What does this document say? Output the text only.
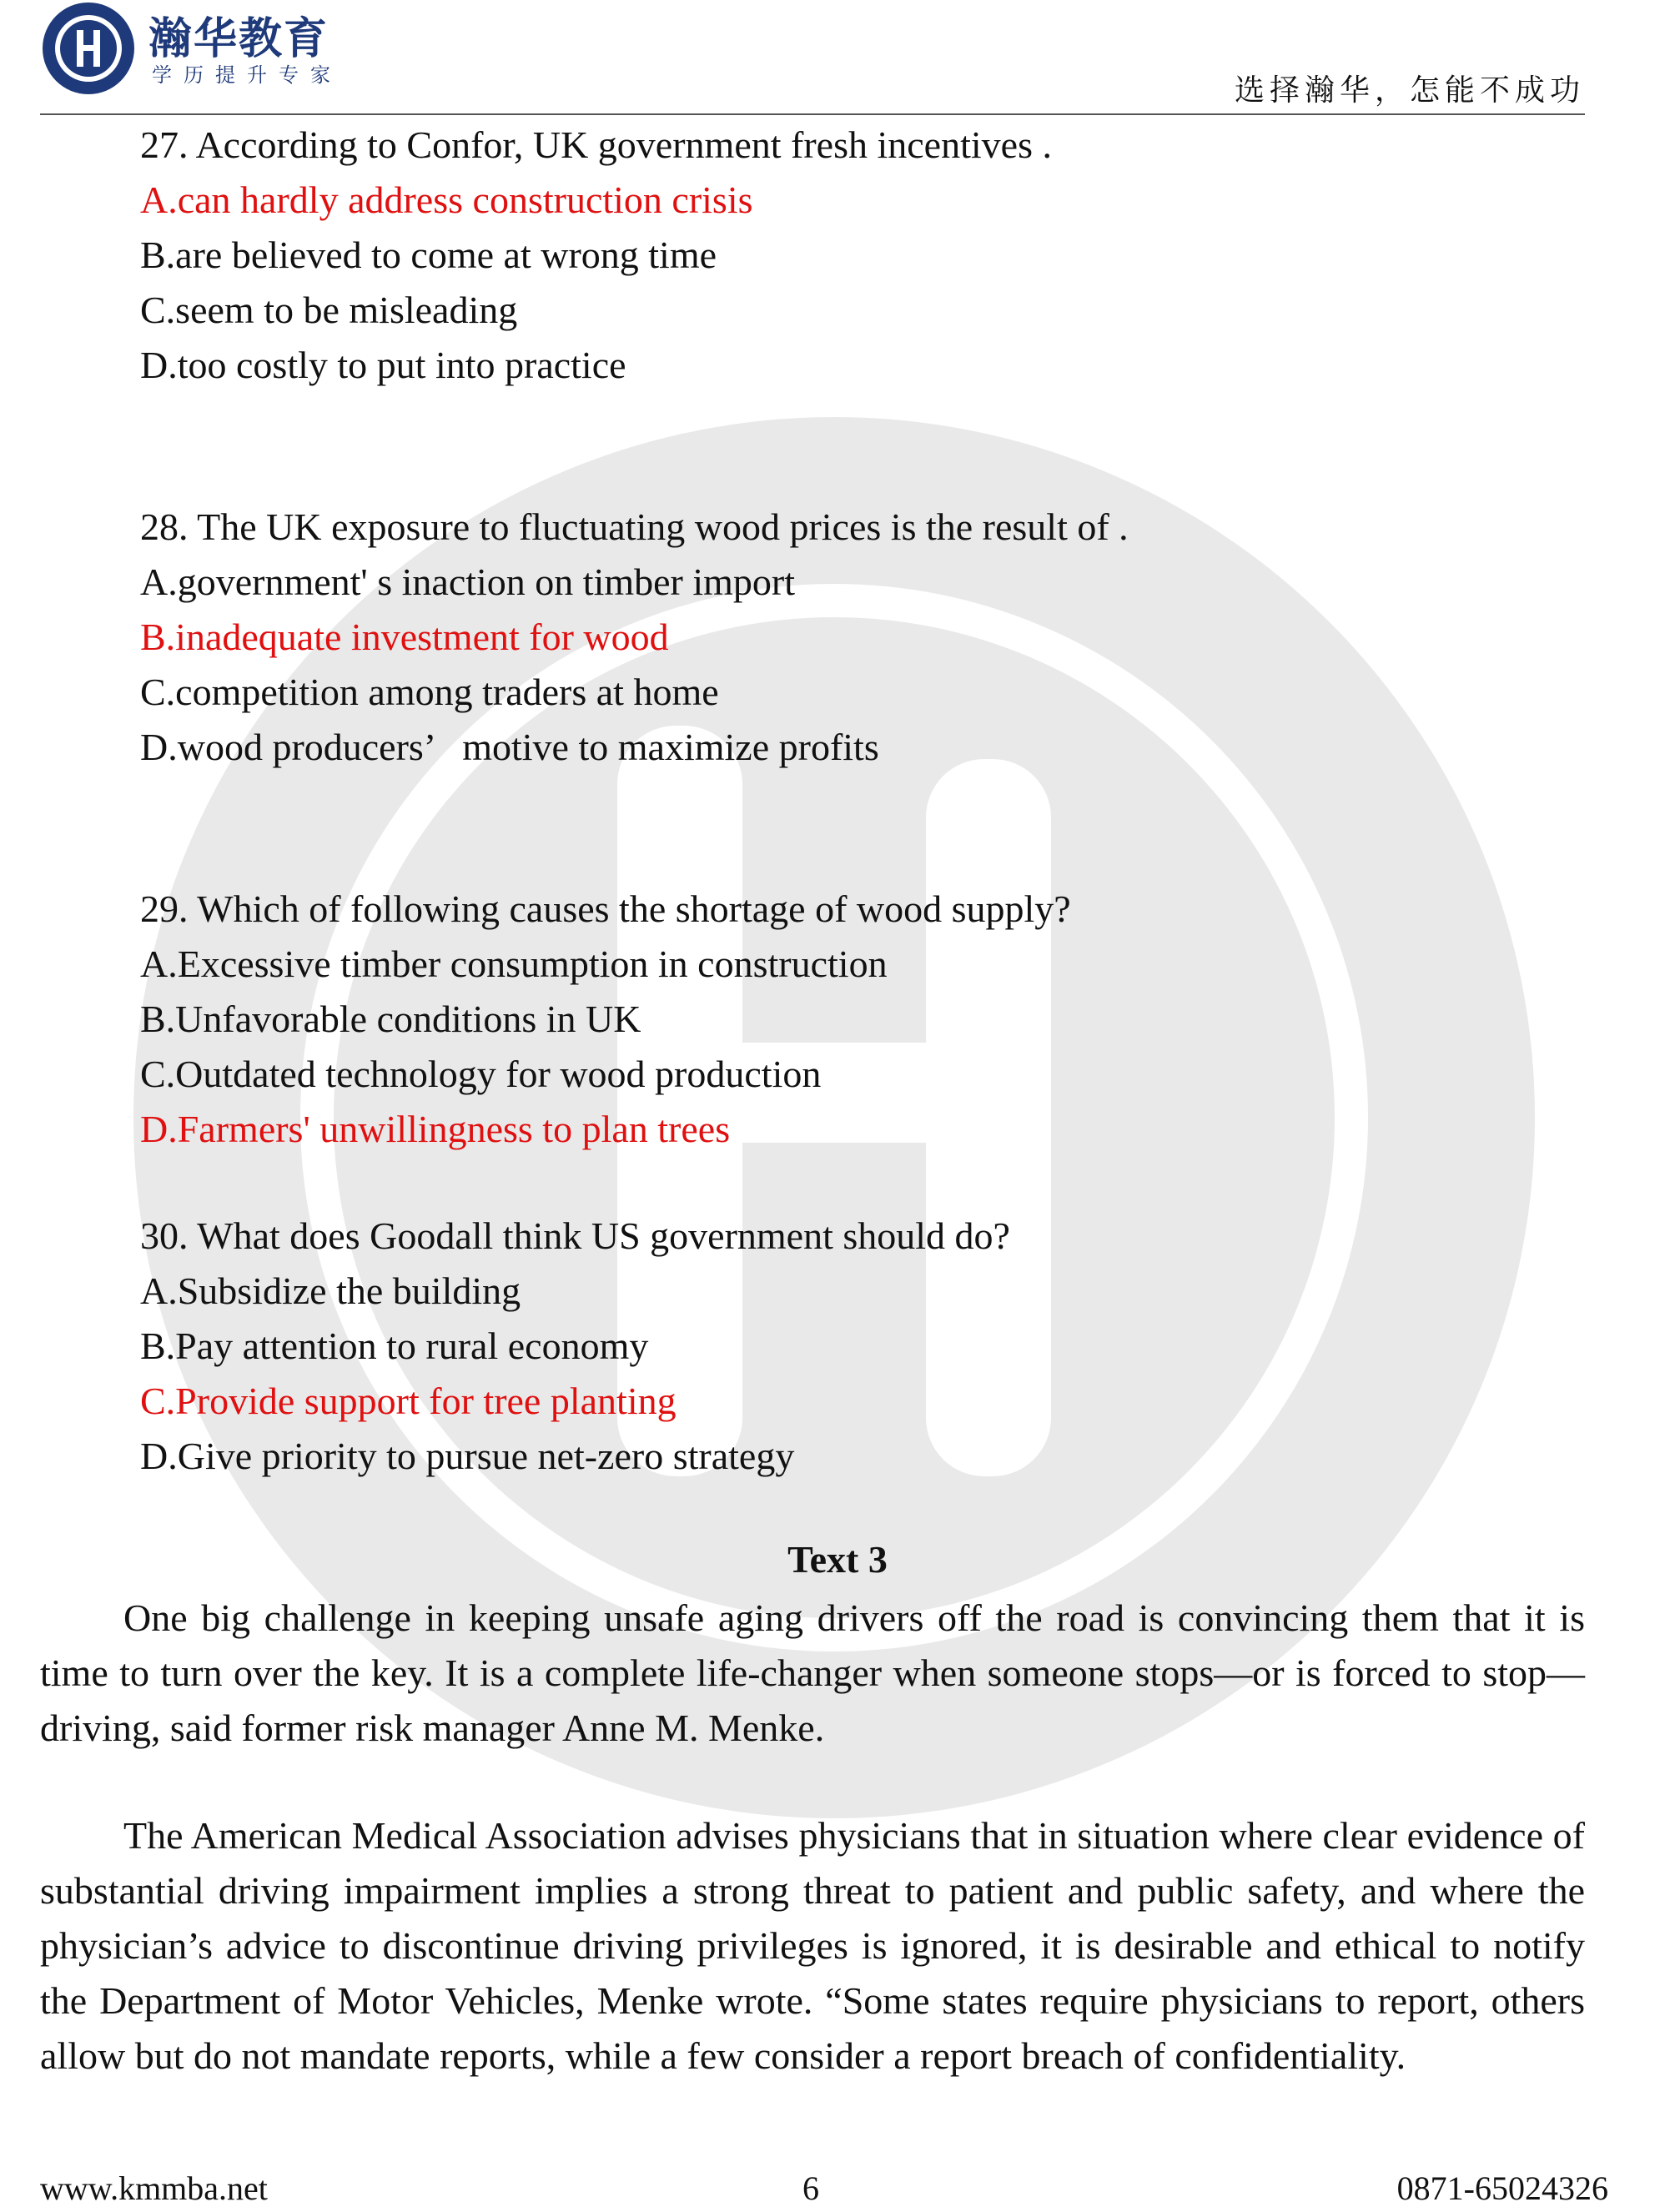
瀚华教育
学历提升专家	选择瀚华，怎能不成功
27. According to Confor, UK government fresh incentives .
A.can hardly address construction crisis
B.are believed to come at wrong time
C.seem to be misleading
D.too costly to put into practice
28. The UK exposure to fluctuating wood prices is the result of .
A.government' s inaction on timber import
B.inadequate investment for wood
C.competition among traders at home
D.wood producers’   motive to maximize profits
29. Which of following causes the shortage of wood supply?
A.Excessive timber consumption in construction
B.Unfavorable conditions in UK
C.Outdated technology for wood production
D.Farmers' unwillingness to plan trees
30. What does Goodall think US government should do?
A.Subsidize the building
B.Pay attention to rural economy
C.Provide support for tree planting
D.Give priority to pursue net-zero strategy
Text 3
One big challenge in keeping unsafe aging drivers off the road is convincing them that it is time to turn over the key. It is a complete life-changer when someone stops—or is forced to stop—driving, said former risk manager Anne M. Menke.
The American Medical Association advises physicians that in situation where clear evidence of substantial driving impairment implies a strong threat to patient and public safety, and where the physician’s advice to discontinue driving privileges is ignored, it is desirable and ethical to notify the Department of Motor Vehicles, Menke wrote. “Some states require physicians to report, others allow but do not mandate reports, while a few consider a report breach of confidentiality.
www.kmmba.net	6	0871-65024326
